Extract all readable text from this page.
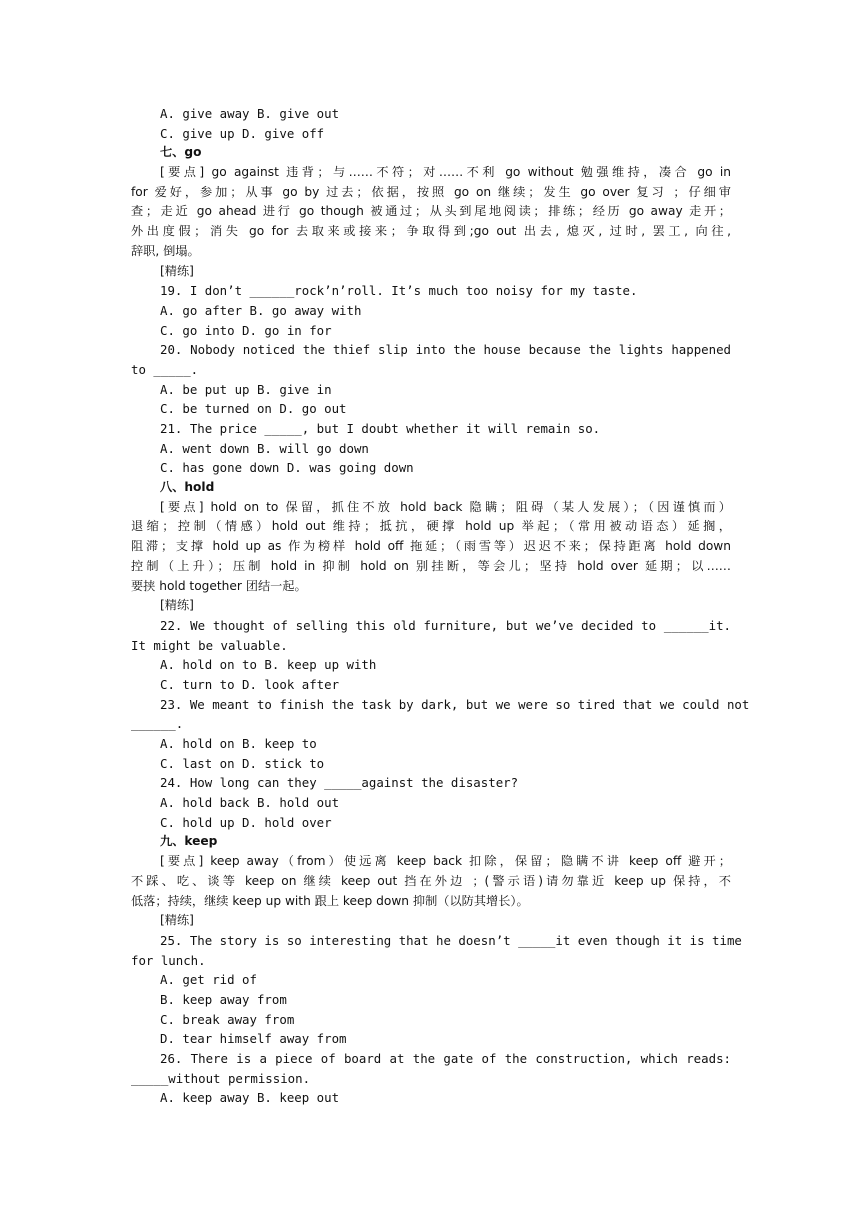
A. give away B. give out
C. give up D. give off
七、go
[要点] go against 违背；与……不符；对……不利 go without 勉强维持，凑合 go in
for 爱好，参加；从事 go by 过去；依据，按照 go on 继续；发生 go over 复习 ；仔细审
查；走近 go ahead 进行 go though 被通过；从头到尾地阅读；排练；经历 go away 走开；
外出度假；消失 go for 去取来或接来；争取得到;go out 出去, 熄灭, 过时, 罢工, 向往,
辞职, 倒塌。
[精练]
19. I don’t ______rock’n’roll. It’s much too noisy for my taste.
A. go after B. go away with
C. go into D. go in for
20. Nobody noticed the thief slip into the house because the lights happened
to _____.
A. be put up B. give in
C. be turned on D. go out
21. The price _____, but I doubt whether it will remain so.
A. went down B. will go down
C. has gone down D. was going down
八、hold
[要点] hold on to 保留，抓住不放 hold back 隐瞒；阻碍（某人发展）；（因谨慎而）
退缩；控制（情感）hold out 维持；抵抗，硬撑 hold up 举起；（常用被动语态）延搁，
阻滞；支撑 hold up as 作为榜样 hold off 拖延；（雨雪等）迟迟不来；保持距离 hold down
控制（上升）；压制 hold in 抑制 hold on 别挂断，等会儿；坚持 hold over 延期；以……
要挟 hold together 团结一起。
[精练]
22. We thought of selling this old furniture, but we’ve decided to ______it.
It might be valuable.
A. hold on to B. keep up with
C. turn to D. look after
23. We meant to finish the task by dark, but we were so tired that we could not
______.
A. hold on B. keep to
C. last on D. stick to
24. How long can they _____against the disaster?
A. hold back B. hold out
C. hold up D. hold over
九、keep
[要点] keep away（from）使远离 keep back 扣除，保留；隐瞒不讲 keep off 避开；
不踩、吃、谈等 keep on 继续 keep out 挡在外边 ；(警示语)请勿靠近 keep up 保持，不
低落；持续，继续 keep up with 跟上 keep down 抑制（以防其增长）。
[精练]
25. The story is so interesting that he doesn’t _____it even though it is time
for lunch.
A. get rid of
B. keep away from
C. break away from
D. tear himself away from
26. There is a piece of board at the gate of the construction, which reads:
_____without permission.
A. keep away B. keep out
